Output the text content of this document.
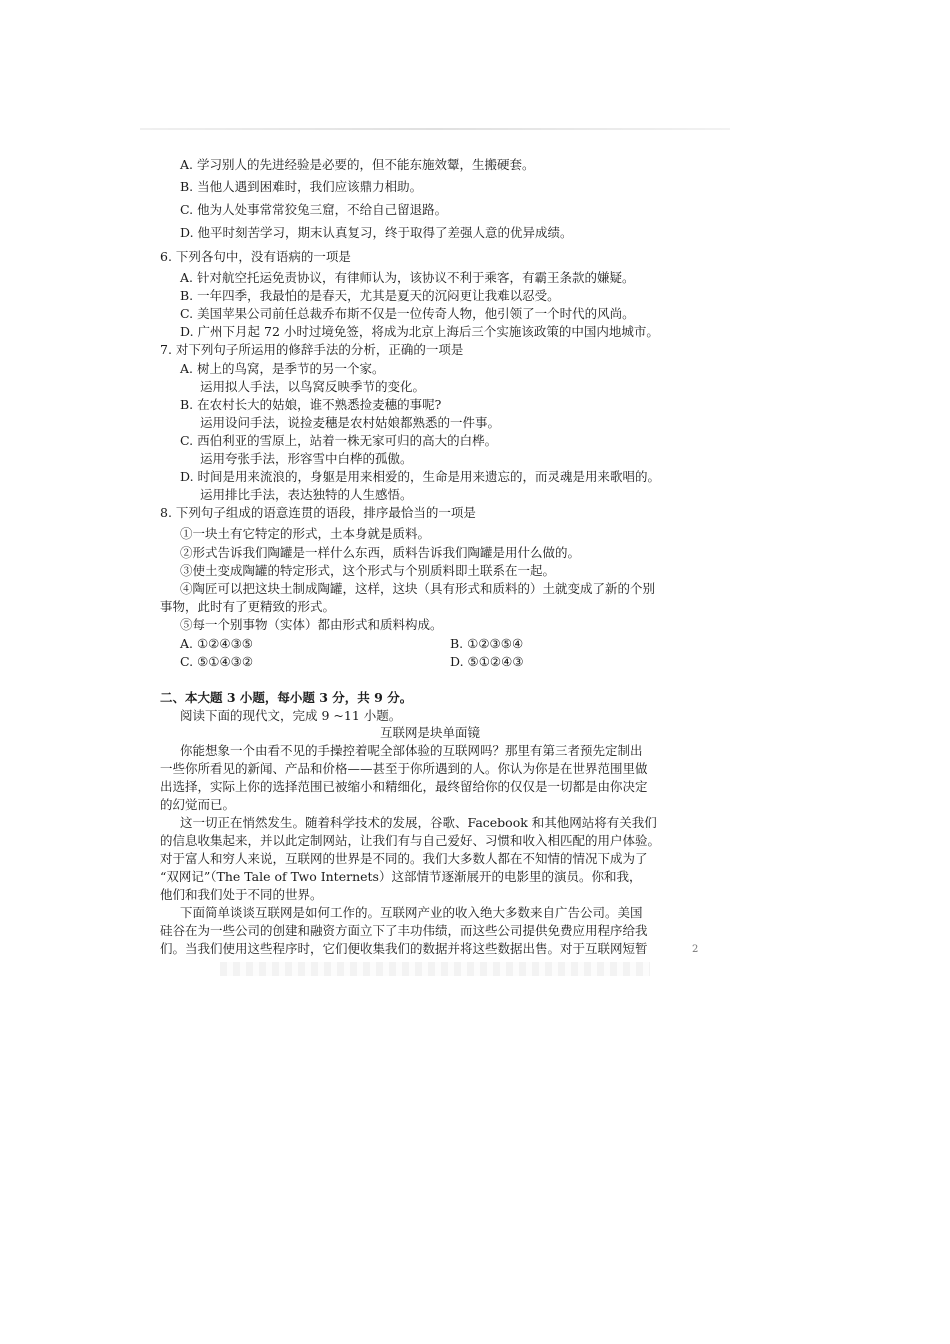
A. 学习别人的先进经验是必要的，但不能东施效颦，生搬硬套。
B. 当他人遇到困难时，我们应该鼎力相助。
C. 他为人处事常常狡兔三窟，不给自己留退路。
D. 他平时刻苦学习，期末认真复习，终于取得了差强人意的优异成绩。
6. 下列各句中，没有语病的一项是
A. 针对航空托运免责协议，有律师认为，该协议不利于乘客，有霸王条款的嫌疑。
B. 一年四季，我最怕的是春天，尤其是夏天的沉闷更让我难以忍受。
C. 美国苹果公司前任总裁乔布斯不仅是一位传奇人物，他引领了一个时代的风尚。
D. 广州下月起 72 小时过境免签，将成为北京上海后三个实施该政策的中国内地城市。
7. 对下列句子所运用的修辞手法的分析，正确的一项是
A. 树上的鸟窝，是季节的另一个家。
运用拟人手法，以鸟窝反映季节的变化。
B. 在农村长大的姑娘，谁不熟悉捡麦穗的事呢?
运用设问手法，说捡麦穗是农村姑娘都熟悉的一件事。
C. 西伯利亚的雪原上，站着一株无家可归的高大的白桦。
运用夸张手法，形容雪中白桦的孤傲。
D. 时间是用来流浪的，身躯是用来相爱的，生命是用来遗忘的，而灵魂是用来歌唱的。
运用排比手法，表达独特的人生感悟。
8. 下列句子组成的语意连贯的语段，排序最恰当的一项是
①一块土有它特定的形式，土本身就是质料。
②形式告诉我们陶罐是一样什么东西，质料告诉我们陶罐是用什么做的。
③使土变成陶罐的特定形式，这个形式与个别质料即土联系在一起。
④陶匠可以把这块土制成陶罐，这样，这块（具有形式和质料的）土就变成了新的个别
事物，此时有了更精致的形式。
⑤每一个别事物（实体）都由形式和质料构成。
A. ①②④③⑤	B. ①②③⑤④
C. ⑤①④③②	D. ⑤①②④③
二、本大题 3 小题，每小题 3 分，共 9 分。
阅读下面的现代文，完成 9 ~11 小题。
互联网是块单面镜
你能想象一个由看不见的手操控着呢全部体验的互联网吗？那里有第三者预先定制出
一些你所看见的新闻、产品和价格——甚至于你所遇到的人。你认为你是在世界范围里做
出选择，实际上你的选择范围已被缩小和精细化，最终留给你的仅仅是一切都是由你决定
的幻觉而已。
这一切正在悄然发生。随着科学技术的发展，谷歌、Facebook 和其他网站将有关我们
的信息收集起来，并以此定制网站，让我们有与自己爱好、习惯和收入相匹配的用户体验。
对于富人和穷人来说，互联网的世界是不同的。我们大多数人都在不知情的情况下成为了
“双网记”（The Tale of Two Internets）这部情节逐渐展开的电影里的演员。你和我，
他们和我们处于不同的世界。
下面简单谈谈互联网是如何工作的。互联网产业的收入绝大多数来自广告公司。美国
硅谷在为一些公司的创建和融资方面立下了丰功伟绩，而这些公司提供免费应用程序给我
们。当我们使用这些程序时，它们便收集我们的数据并将这些数据出售。对于互联网短暂	2
